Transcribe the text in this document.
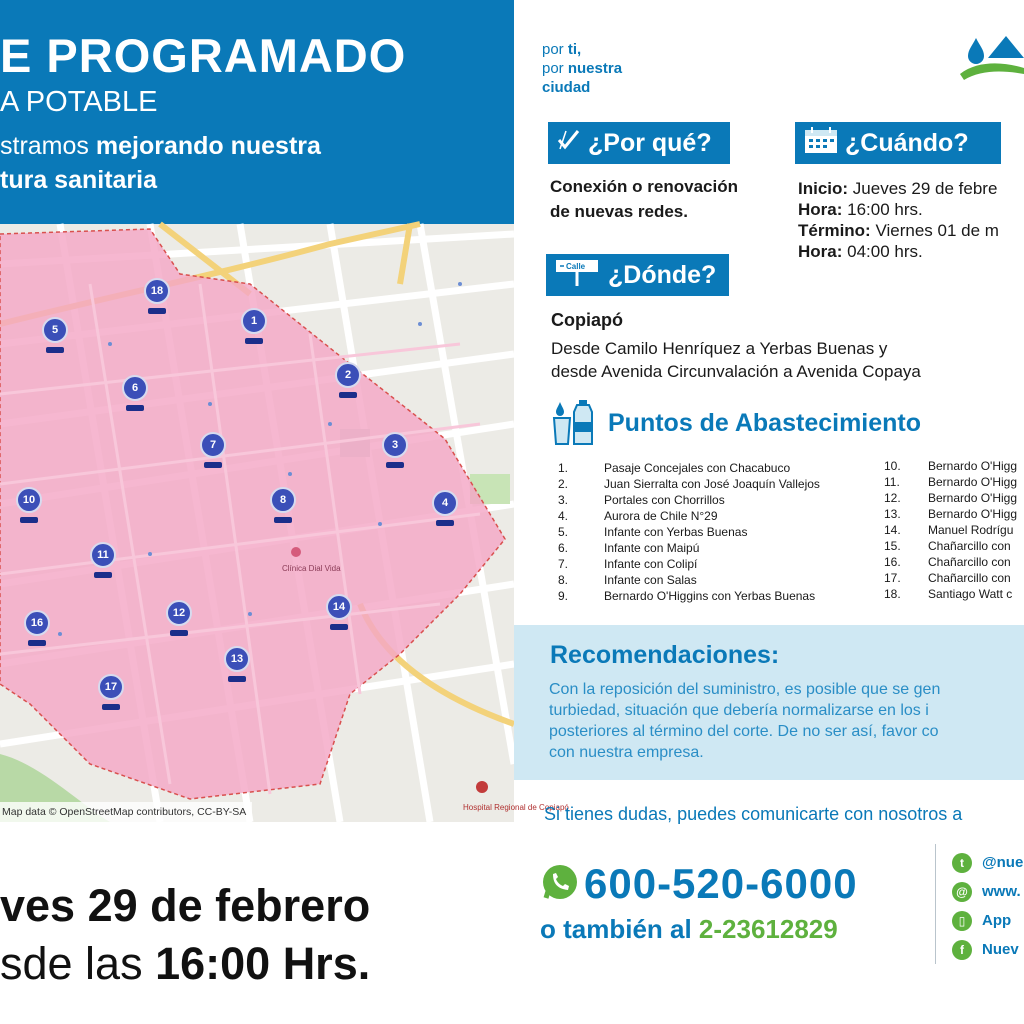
E PROGRAMADO
A POTABLE
stramos mejorando nuestra
tura sanitaria
Hospital Regional de Copiapó
Clínica Dial Vida
1
2
3
4
5
6
7
8
10
11
12
13
14
16
17
18
Map data © OpenStreetMap contributors, CC-BY-SA
ves 29 de febrero
sde las 16:00 Hrs.
por ti,
por nuestra
ciudad
¿Por qué?
Conexión o renovación
de nuevas redes.
¿Cuándo?
Inicio: Jueves 29 de febre
Hora: 16:00 hrs.
Término: Viernes 01 de m
Hora: 04:00 hrs.
Calle ¿Dónde?
Copiapó
Desde Camilo Henríquez a Yerbas Buenas y
desde Avenida Circunvalación a Avenida Copaya
Puntos de Abastecimiento
1.	Pasaje Concejales con Chacabuco
2.	Juan Sierralta con José Joaquín Vallejos
3.	Portales con Chorrillos
4.	Aurora de Chile N°29
5.	Infante con Yerbas Buenas
6.	Infante con Maipú
7.	Infante con Colipí
8.	Infante con Salas
9.	Bernardo O'Higgins con Yerbas Buenas
10.	Bernardo O'Higg
11.	Bernardo O'Higg
12.	Bernardo O'Higg
13.	Bernardo O'Higg
14.	Manuel Rodrígu
15.	Chañarcillo con
16.	Chañarcillo con
17.	Chañarcillo con
18.	Santiago Watt c
Recomendaciones:
Con la reposición del suministro, es posible que se gen
turbiedad, situación que debería normalizarse en los i
posteriores al término del corte. De no ser así, favor co
con nuestra empresa.
Si tienes dudas, puedes comunicarte con nosotros a
600-520-6000
o también al 2-23612829
t	@nue
@ www.
▯	App
f	Nuev
